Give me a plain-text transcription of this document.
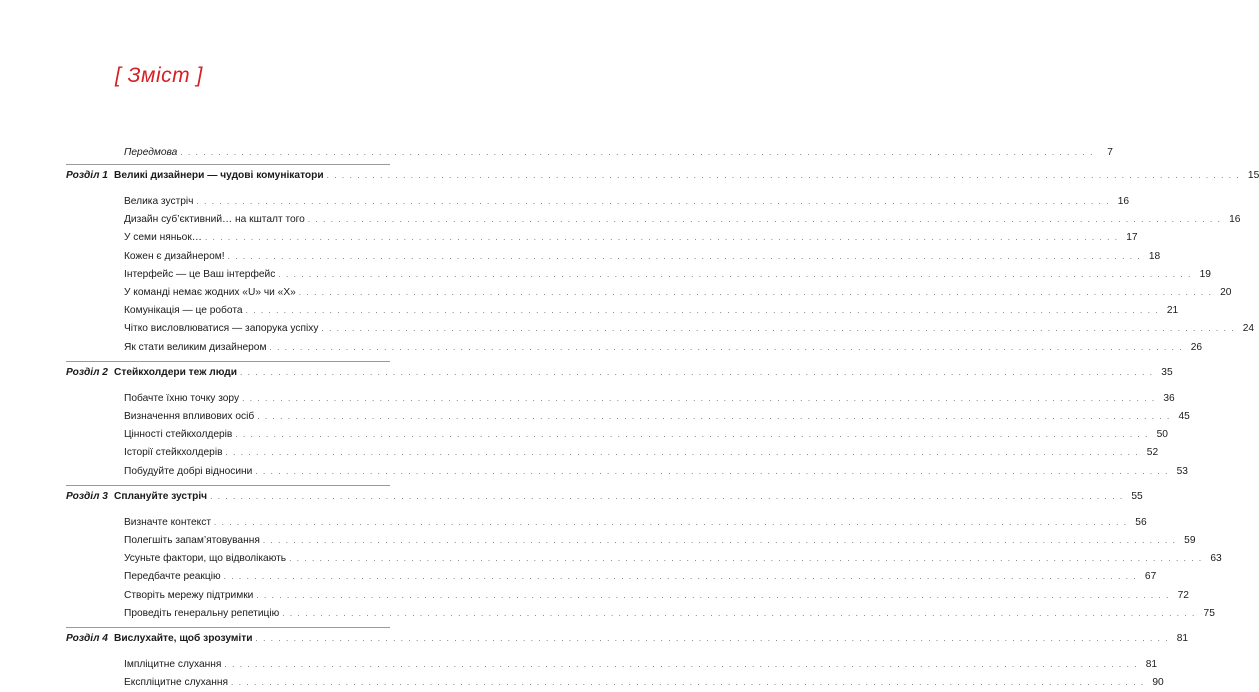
[ Зміст ]
Передмова . . . . . . . . . . . . . . . . . . . . . . . . . . . . . . . . . . . . . . . . . . . . . . . . . . . . . . . . . . . . . . . . . . . . . . . . . . . . . . . . . . . . . . . . . . . . . . . . . . . . . . . . . . . . . . . . . . . . . . . .	7
Розділ 1 Великі дизайнери — чудові комунікатори . . . . . . . . . . . . . . . . . . . . . . . . . . . . . . . . . . . . . . . . . . . . . . . . . . . . . . . . . . . . . . . . . . . . . . . . . . . . . . . . . . . . . . . . . . . . . . . . . . . . . . . . . . . . . . . . . . . . . . . . 15
Велика зустріч . . . . . . . . . . . . . . . . . . . . . . . . . . . . . . . . . . . . . . . . . . . . . . . . . . . . . . . . . . . . . . . . . . . . . . . . . . . . . . . . . . . . . . . . . . . . . . . . . . . . . . . . . . . . . . . . . . . . . . . . 16
Дизайн суб’єктивний… на кшталт того . . . . . . . . . . . . . . . . . . . . . . . . . . . . . . . . . . . . . . . . . . . . . . . . . . . . . . . . . . . . . . . . . . . . . . . . . . . . . . . . . . . . . . . . . . . . . . . . . . . . . . . . . . . . . . . . . . . . . . . . 16
У семи няньок… . . . . . . . . . . . . . . . . . . . . . . . . . . . . . . . . . . . . . . . . . . . . . . . . . . . . . . . . . . . . . . . . . . . . . . . . . . . . . . . . . . . . . . . . . . . . . . . . . . . . . . . . . . . . . . . . . . . . . . . . 17
Кожен є дизайнером! . . . . . . . . . . . . . . . . . . . . . . . . . . . . . . . . . . . . . . . . . . . . . . . . . . . . . . . . . . . . . . . . . . . . . . . . . . . . . . . . . . . . . . . . . . . . . . . . . . . . . . . . . . . . . . . . . . . . . . . . 18
Інтерфейс — це Ваш інтерфейс . . . . . . . . . . . . . . . . . . . . . . . . . . . . . . . . . . . . . . . . . . . . . . . . . . . . . . . . . . . . . . . . . . . . . . . . . . . . . . . . . . . . . . . . . . . . . . . . . . . . . . . . . . . . . . . . . . . . . . . . 19
У команді немає жодних «U» чи «X» . . . . . . . . . . . . . . . . . . . . . . . . . . . . . . . . . . . . . . . . . . . . . . . . . . . . . . . . . . . . . . . . . . . . . . . . . . . . . . . . . . . . . . . . . . . . . . . . . . . . . . . . . . . . . . . . . . . . . . . . 20
Комунікація — це робота . . . . . . . . . . . . . . . . . . . . . . . . . . . . . . . . . . . . . . . . . . . . . . . . . . . . . . . . . . . . . . . . . . . . . . . . . . . . . . . . . . . . . . . . . . . . . . . . . . . . . . . . . . . . . . . . . . . . . . . . 21
Чітко висловлюватися — запорука успіху . . . . . . . . . . . . . . . . . . . . . . . . . . . . . . . . . . . . . . . . . . . . . . . . . . . . . . . . . . . . . . . . . . . . . . . . . . . . . . . . . . . . . . . . . . . . . . . . . . . . . . . . . . . . . . . . . . . . . . . . 24
Як стати великим дизайнером . . . . . . . . . . . . . . . . . . . . . . . . . . . . . . . . . . . . . . . . . . . . . . . . . . . . . . . . . . . . . . . . . . . . . . . . . . . . . . . . . . . . . . . . . . . . . . . . . . . . . . . . . . . . . . . . . . . . . . . . 26
Розділ 2 Стейкхолдери теж люди . . . . . . . . . . . . . . . . . . . . . . . . . . . . . . . . . . . . . . . . . . . . . . . . . . . . . . . . . . . . . . . . . . . . . . . . . . . . . . . . . . . . . . . . . . . . . . . . . . . . . . . . . . . . . . . . . . . . . . . . 35
Побачте їхню точку зору . . . . . . . . . . . . . . . . . . . . . . . . . . . . . . . . . . . . . . . . . . . . . . . . . . . . . . . . . . . . . . . . . . . . . . . . . . . . . . . . . . . . . . . . . . . . . . . . . . . . . . . . . . . . . . . . . . . . . . . . 36
Визначення впливових осіб . . . . . . . . . . . . . . . . . . . . . . . . . . . . . . . . . . . . . . . . . . . . . . . . . . . . . . . . . . . . . . . . . . . . . . . . . . . . . . . . . . . . . . . . . . . . . . . . . . . . . . . . . . . . . . . . . . . . . . . . 45
Цінності стейкхолдерів . . . . . . . . . . . . . . . . . . . . . . . . . . . . . . . . . . . . . . . . . . . . . . . . . . . . . . . . . . . . . . . . . . . . . . . . . . . . . . . . . . . . . . . . . . . . . . . . . . . . . . . . . . . . . . . . . . . . . . . . 50
Історії стейкхолдерів . . . . . . . . . . . . . . . . . . . . . . . . . . . . . . . . . . . . . . . . . . . . . . . . . . . . . . . . . . . . . . . . . . . . . . . . . . . . . . . . . . . . . . . . . . . . . . . . . . . . . . . . . . . . . . . . . . . . . . . . 52
Побудуйте добрі відносини . . . . . . . . . . . . . . . . . . . . . . . . . . . . . . . . . . . . . . . . . . . . . . . . . . . . . . . . . . . . . . . . . . . . . . . . . . . . . . . . . . . . . . . . . . . . . . . . . . . . . . . . . . . . . . . . . . . . . . . . 53
Розділ 3 Сплануйте зустріч . . . . . . . . . . . . . . . . . . . . . . . . . . . . . . . . . . . . . . . . . . . . . . . . . . . . . . . . . . . . . . . . . . . . . . . . . . . . . . . . . . . . . . . . . . . . . . . . . . . . . . . . . . . . . . . . . . . . . . . . 55
Визначте контекст . . . . . . . . . . . . . . . . . . . . . . . . . . . . . . . . . . . . . . . . . . . . . . . . . . . . . . . . . . . . . . . . . . . . . . . . . . . . . . . . . . . . . . . . . . . . . . . . . . . . . . . . . . . . . . . . . . . . . . . . 56
Полегшіть запам’ятовування . . . . . . . . . . . . . . . . . . . . . . . . . . . . . . . . . . . . . . . . . . . . . . . . . . . . . . . . . . . . . . . . . . . . . . . . . . . . . . . . . . . . . . . . . . . . . . . . . . . . . . . . . . . . . . . . . . . . . . . . 59
Усуньте фактори, що відволікають . . . . . . . . . . . . . . . . . . . . . . . . . . . . . . . . . . . . . . . . . . . . . . . . . . . . . . . . . . . . . . . . . . . . . . . . . . . . . . . . . . . . . . . . . . . . . . . . . . . . . . . . . . . . . . . . . . . . . . . . 63
Передбачте реакцію . . . . . . . . . . . . . . . . . . . . . . . . . . . . . . . . . . . . . . . . . . . . . . . . . . . . . . . . . . . . . . . . . . . . . . . . . . . . . . . . . . . . . . . . . . . . . . . . . . . . . . . . . . . . . . . . . . . . . . . . 67
Створіть мережу підтримки . . . . . . . . . . . . . . . . . . . . . . . . . . . . . . . . . . . . . . . . . . . . . . . . . . . . . . . . . . . . . . . . . . . . . . . . . . . . . . . . . . . . . . . . . . . . . . . . . . . . . . . . . . . . . . . . . . . . . . . . 72
Проведіть генеральну репетицію . . . . . . . . . . . . . . . . . . . . . . . . . . . . . . . . . . . . . . . . . . . . . . . . . . . . . . . . . . . . . . . . . . . . . . . . . . . . . . . . . . . . . . . . . . . . . . . . . . . . . . . . . . . . . . . . . . . . . . . . 75
Розділ 4 Вислухайте, щоб зрозуміти . . . . . . . . . . . . . . . . . . . . . . . . . . . . . . . . . . . . . . . . . . . . . . . . . . . . . . . . . . . . . . . . . . . . . . . . . . . . . . . . . . . . . . . . . . . . . . . . . . . . . . . . . . . . . . . . . . . . . . . . 81
Імпліцитне слухання . . . . . . . . . . . . . . . . . . . . . . . . . . . . . . . . . . . . . . . . . . . . . . . . . . . . . . . . . . . . . . . . . . . . . . . . . . . . . . . . . . . . . . . . . . . . . . . . . . . . . . . . . . . . . . . . . . . . . . . . 81
Експліцитне слухання . . . . . . . . . . . . . . . . . . . . . . . . . . . . . . . . . . . . . . . . . . . . . . . . . . . . . . . . . . . . . . . . . . . . . . . . . . . . . . . . . . . . . . . . . . . . . . . . . . . . . . . . . . . . . . . . . . . . . . . . 90
